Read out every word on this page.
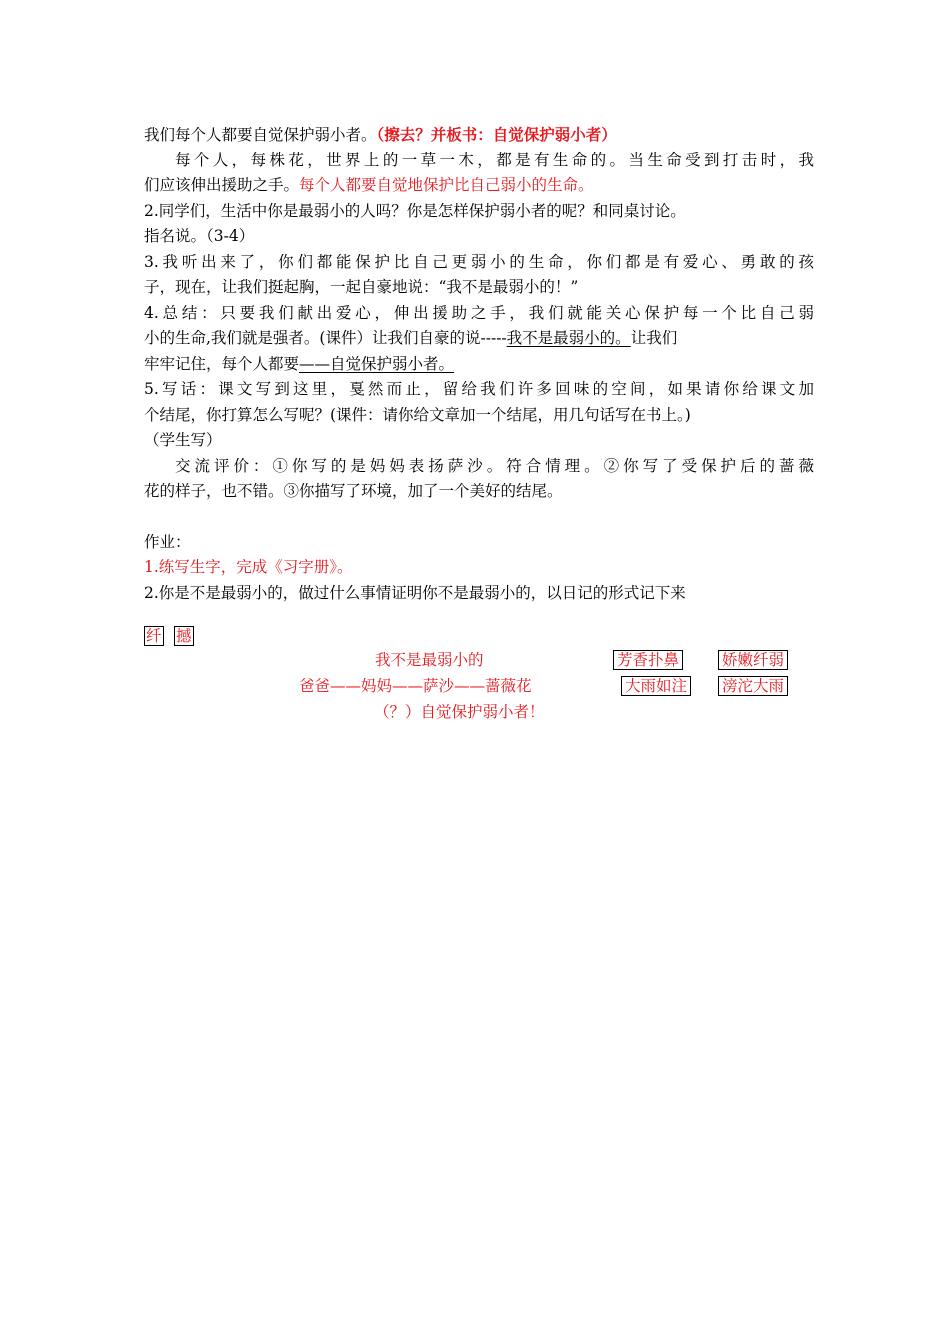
我们每个人都要自觉保护弱小者。（擦去？并板书：自觉保护弱小者）
每个人，每株花，世界上的一草一木，都是有生命的。当生命受到打击时，我
们应该伸出援助之手。每个人都要自觉地保护比自己弱小的生命。
2.同学们，生活中你是最弱小的人吗？你是怎样保护弱小者的呢？和同桌讨论。
指名说。（3-4）
3.我听出来了，你们都能保护比自己更弱小的生命，你们都是有爱心、勇敢的孩
子，现在，让我们挺起胸，一起自豪地说：“我不是最弱小的！”
4.总结：只要我们献出爱心，伸出援助之手，我们就能关心保护每一个比自己弱
小的生命,我们就是强者。(课件）让我们自豪的说-----我不是最弱小的。让我们
牢牢记住，每个人都要——自觉保护弱小者。
5.写话：课文写到这里，戛然而止，留给我们许多回味的空间，如果请你给课文加
个结尾，你打算怎么写呢？(课件：请你给文章加一个结尾，用几句话写在书上。)
（学生写）
交流评价：①你写的是妈妈表扬萨沙。符合情理。②你写了受保护后的蔷薇
花的样子，也不错。③你描写了环境，加了一个美好的结尾。
作业：
1.练写生字，完成《习字册》。
2.你是不是最弱小的，做过什么事情证明你不是最弱小的，以日记的形式记下来
纤 撼
我不是最弱小的
爸爸——妈妈——萨沙——蔷薇花
（？）自觉保护弱小者！
芳香扑鼻	娇嫩纤弱
大雨如注 滂沱大雨
